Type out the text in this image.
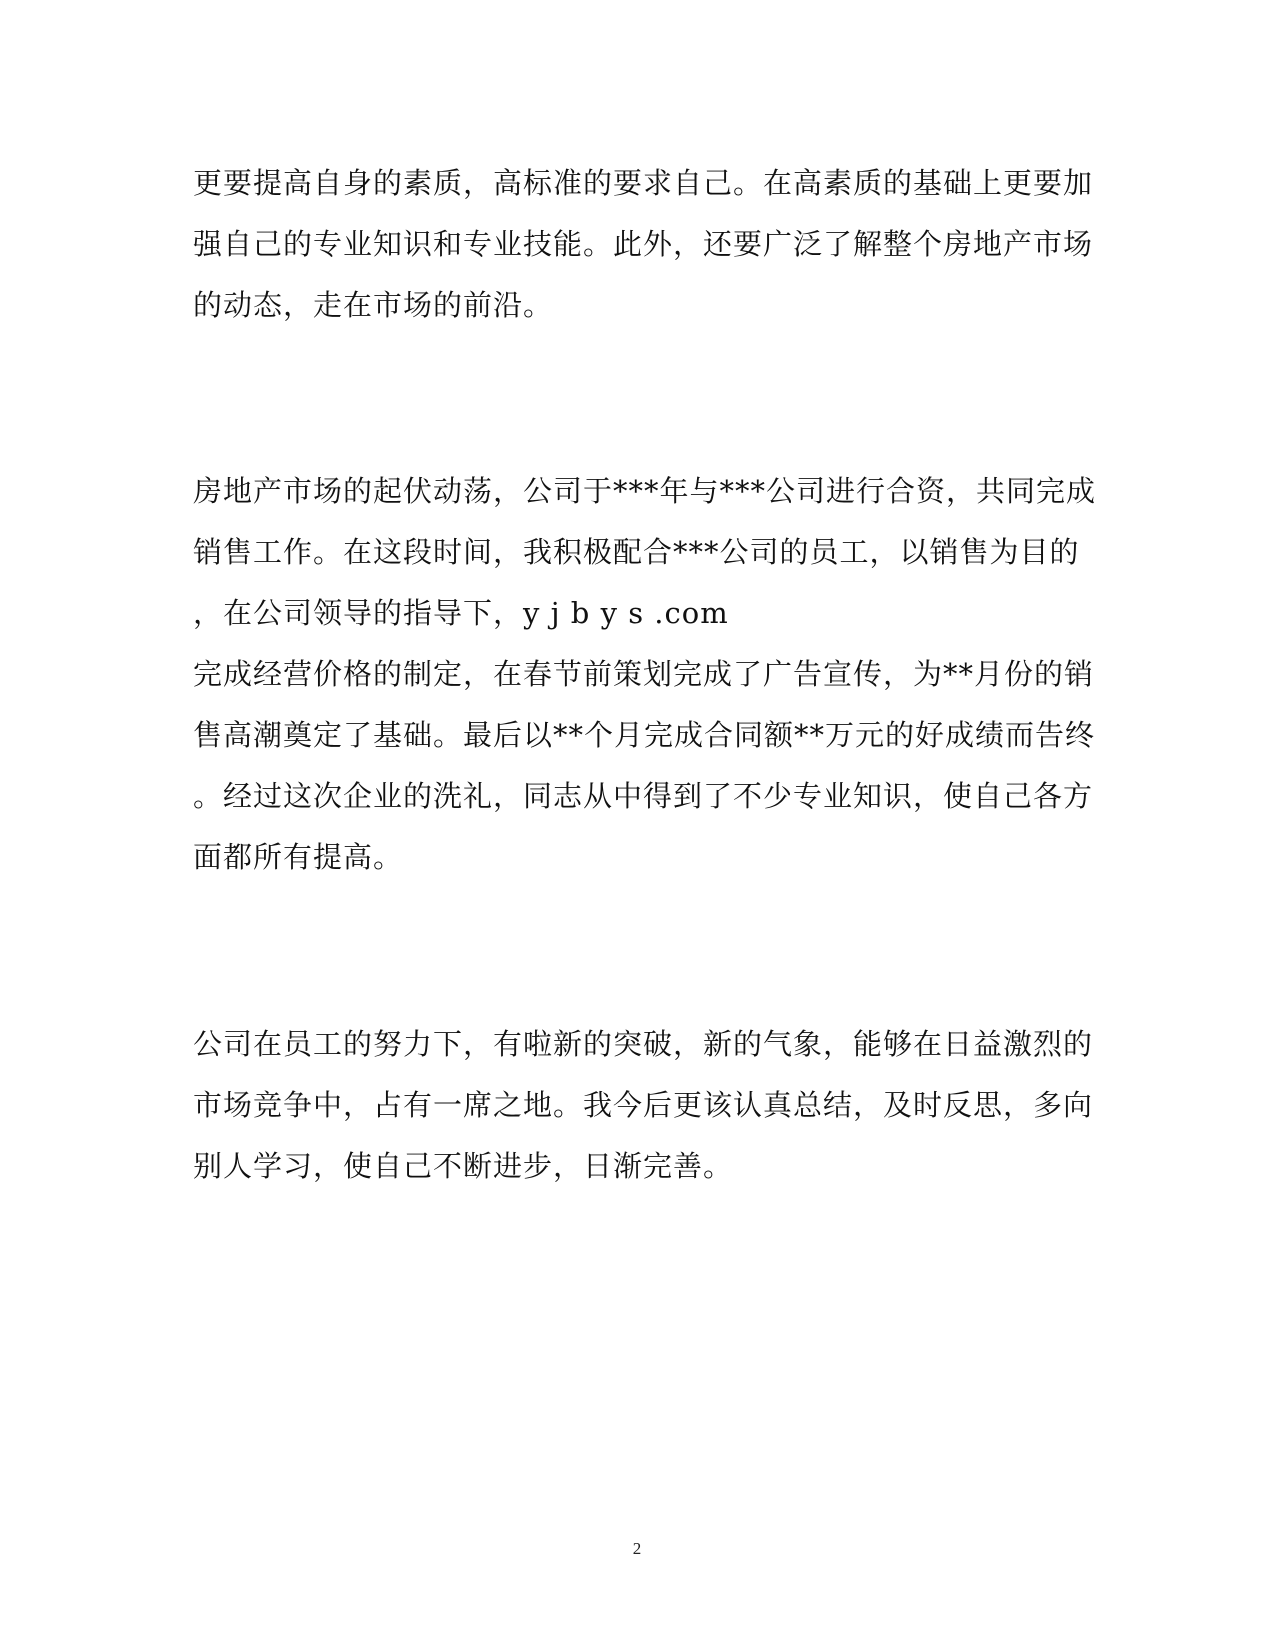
更要提高自身的素质，高标准的要求自己。在高素质的基础上更要加
强自己的专业知识和专业技能。此外，还要广泛了解整个房地产市场
的动态，走在市场的前沿。
房地产市场的起伏动荡，公司于***年与***公司进行合资，共同完成
销售工作。在这段时间，我积极配合***公司的员工，以销售为目的
，在公司领导的指导下，y j b y s .com
完成经营价格的制定，在春节前策划完成了广告宣传，为**月份的销
售高潮奠定了基础。最后以**个月完成合同额**万元的好成绩而告终
。经过这次企业的洗礼，同志从中得到了不少专业知识，使自己各方
面都所有提高。
公司在员工的努力下，有啦新的突破，新的气象，能够在日益激烈的
市场竞争中，占有一席之地。我今后更该认真总结，及时反思，多向
别人学习，使自己不断进步，日渐完善。
2
